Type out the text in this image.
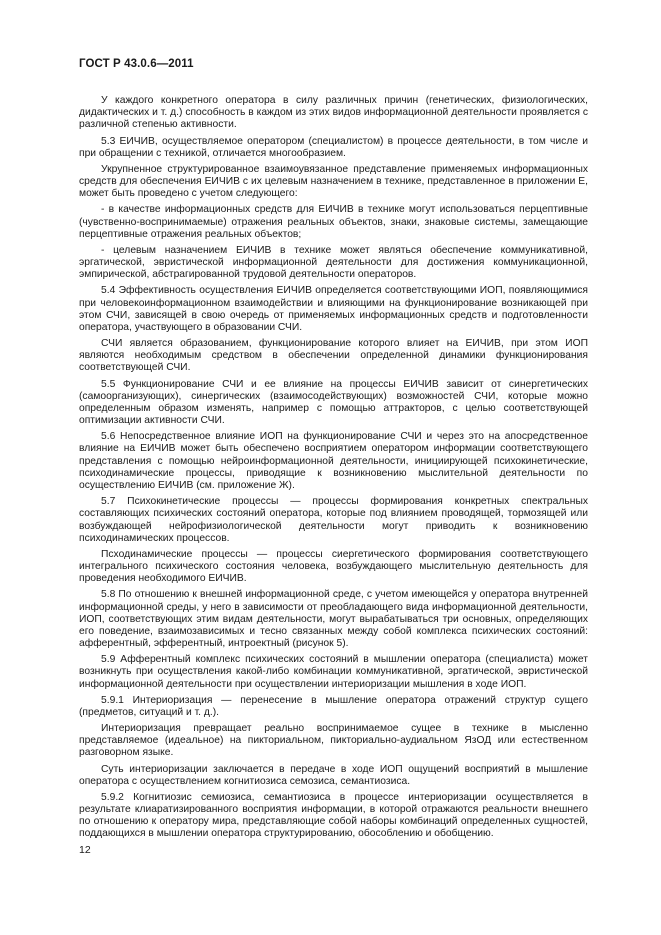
ГОСТ Р 43.0.6—2011

У каждого конкретного оператора в силу различных причин (генетических, физиологических, дидактических и т. д.) способность в каждом из этих видов информационной деятельности проявляется с различной степенью активности.

5.3 ЕИЧИВ, осуществляемое оператором (специалистом) в процессе деятельности, в том числе и при обращении с техникой, отличается многообразием.

Укрупненное структурированное взаимоувязанное представление применяемых информационных средств для обеспечения ЕИЧИВ с их целевым назначением в технике, представленное в приложении Е, может быть проведено с учетом следующего:

- в качестве информационных средств для ЕИЧИВ в технике могут использоваться перцептивные (чувственно-воспринимаемые) отражения реальных объектов, знаки, знаковые системы, замещающие перцептивные отражения реальных объектов;

- целевым назначением ЕИЧИВ в технике может являться обеспечение коммуникативной, эргатической, эвристической информационной деятельности для достижения коммуникационной, эмпирической, абстрагированной трудовой деятельности операторов.

5.4 Эффективность осуществления ЕИЧИВ определяется соответствующими ИОП, появляющимися при человекоинформационном взаимодействии и влияющими на функционирование возникающей при этом СЧИ, зависящей в свою очередь от применяемых информационных средств и подготовленности оператора, участвующего в образовании СЧИ.

СЧИ является образованием, функционирование которого влияет на ЕИЧИВ, при этом ИОП являются необходимым средством в обеспечении определенной динамики функционирования соответствующей СЧИ.

5.5 Функционирование СЧИ и ее влияние на процессы ЕИЧИВ зависит от синергетических (самоорганизующих), синергических (взаимосодействующих) возможностей СЧИ, которые можно определенным образом изменять, например с помощью аттракторов, с целью соответствующей оптимизации активности СЧИ.

5.6 Непосредственное влияние ИОП на функционирование СЧИ и через это на апосредственное влияние на ЕИЧИВ может быть обеспечено восприятием оператором информации соответствующего представления с помощью нейроинформационной деятельности, инициирующей психокинетические, психодинамические процессы, приводящие к возникновению мыслительной деятельности по осуществлению ЕИЧИВ (см. приложение Ж).

5.7 Психокинетические процессы — процессы формирования конкретных спектральных составляющих психических состояний оператора, которые под влиянием проводящей, тормозящей или возбуждающей нейрофизиологической деятельности могут приводить к возникновению психодинамических процессов.

Псходинамические процессы — процессы сиергетического формирования соответствующего интегрального психического состояния человека, возбуждающего мыслительную деятельность для проведения необходимого ЕИЧИВ.

5.8 По отношению к внешней информационной среде, с учетом имеющейся у оператора внутренней информационной среды, у него в зависимости от преобладающего вида информационной деятельности, ИОП, соответствующих этим видам деятельности, могут вырабатываться три основных, определяющих его поведение, взаимозависимых и тесно связанных между собой комплекса психических состояний: афферентный, эфферентный, интроектный (рисунок 5).

5.9 Афферентный комплекс психических состояний в мышлении оператора (специалиста) может возникнуть при осуществления какой-либо комбинации коммуникативной, эргатической, эвристической информационной деятельности при осуществлении интериоризации мышления в ходе ИОП.

5.9.1 Интериоризация — перенесение в мышление оператора отражений структур сущего (предметов, ситуаций и т. д.).

Интериоризация превращает реально воспринимаемое сущее в технике в мысленно представляемое (идеальное) на пикториальном, пикториально-аудиальном ЯзОД или естественном разговорном языке.

Суть интериоризации заключается в передаче в ходе ИОП ощущений восприятий в мышление оператора с осуществлением когнитиозиса семозиса, семантиозиса.

5.9.2 Когнитиозис семиозиса, семантиозиса в процессе интериоризации осуществляется в результате клиаратизированного восприятия информации, в которой отражаются реальности внешнего по отношению к оператору мира, представляющие собой наборы комбинаций определенных сущностей, поддающихся в мышлении оператора структурированию, обособлению и обобщению.

12
